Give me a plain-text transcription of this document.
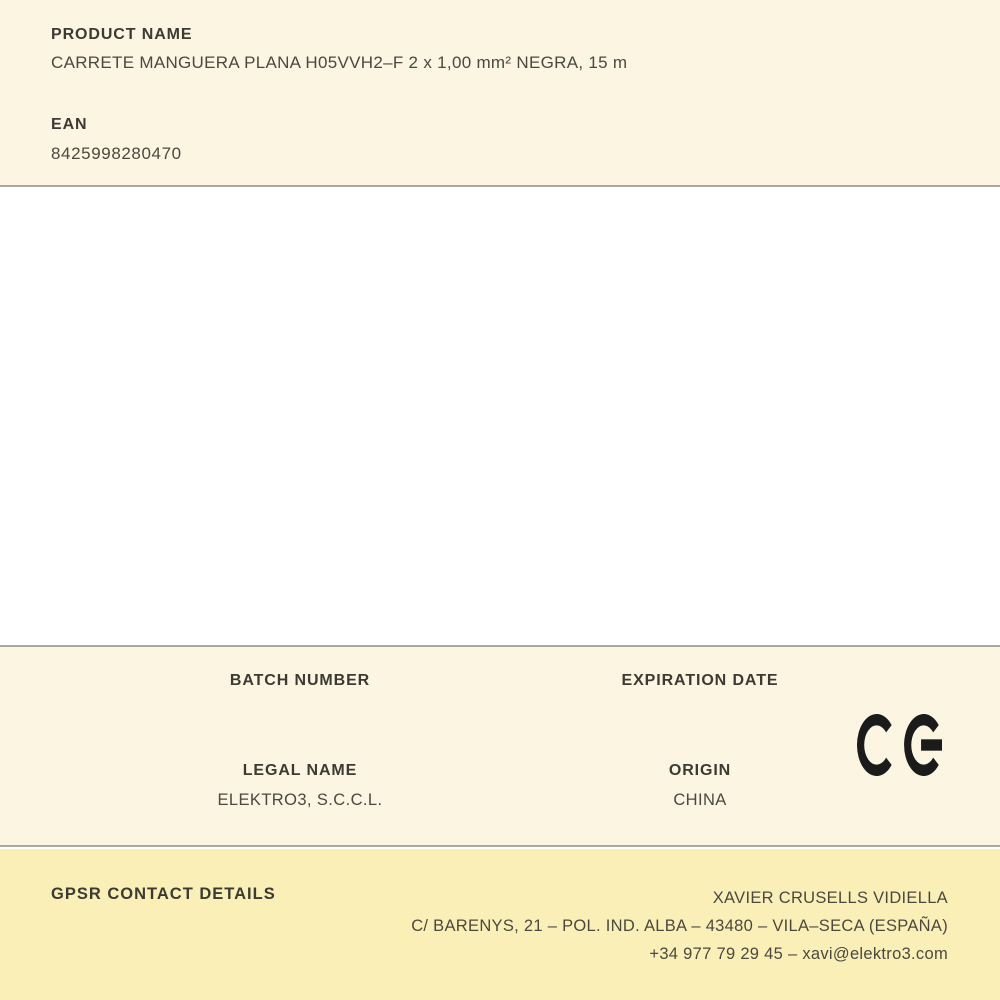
PRODUCT NAME
CARRETE MANGUERA PLANA H05VVH2–F 2 x 1,00 mm² NEGRA, 15 m
EAN
8425998280470
BATCH NUMBER	EXPIRATION DATE
LEGAL NAME	ORIGIN
ELEKTRO3, S.C.C.L.	CHINA
GPSR CONTACT DETAILS	XAVIER CRUSELLS VIDIELLA
C/ BARENYS, 21 – POL. IND. ALBA – 43480 – VILA–SECA (ESPAÑA)
+34 977 79 29 45 – xavi@elektro3.com
